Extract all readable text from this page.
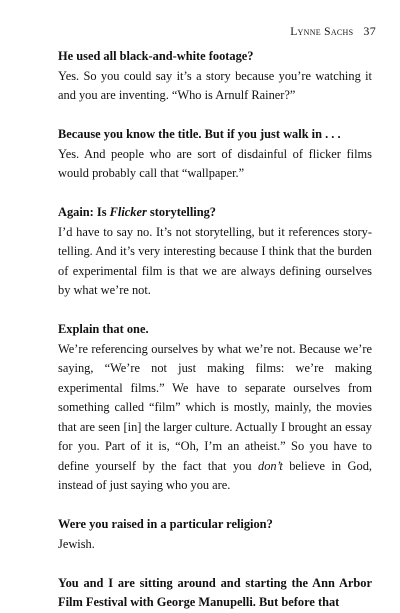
Lynne Sachs 37

He used all black-and-white footage?

Yes. So you could say it’s a story because you’re watching it and you are inventing. “Who is Arnulf Rainer?”

Because you know the title. But if you just walk in . . .

Yes. And people who are sort of disdainful of flicker films would probably call that “wallpaper.”

Again: Is Flicker storytelling?

I’d have to say no. It’s not storytelling, but it references story-telling. And it’s very interesting because I think that the burden of experimental film is that we are always defining ourselves by what we’re not.

Explain that one.

We’re referencing ourselves by what we’re not. Because we’re saying, “We’re not just making films: we’re making experimental films.” We have to separate ourselves from something called “film” which is mostly, mainly, the movies that are seen [in] the larger culture. Actually I brought an essay for you. Part of it is, “Oh, I’m an atheist.” So you have to define yourself by the fact that you don’t believe in God, instead of just saying who you are.

Were you raised in a particular religion?

Jewish.

You and I are sitting around and starting the Ann Arbor Film Festival with George Manupelli. But before that
